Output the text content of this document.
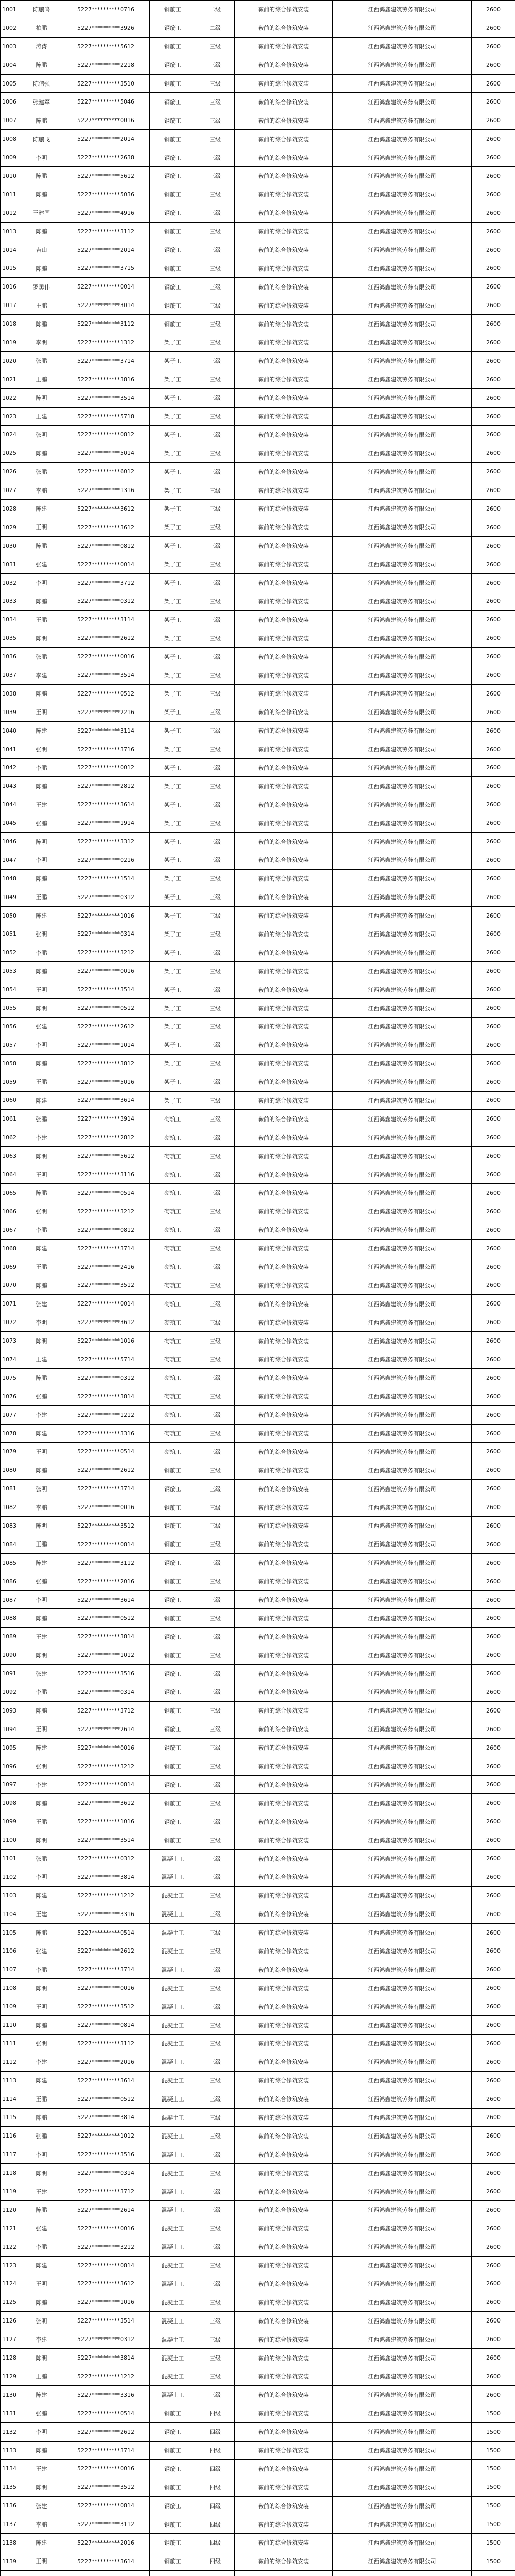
1001	陈鹏鸣	5227**********0716	钢筋工	二级	鞍前的综合修筑安装	江西鸿鑫建筑劳务有限公司	2600
1002	柏鹏	5227**********3926	钢筋工	二级	鞍前的综合修筑安装	江西鸿鑫建筑劳务有限公司	2600
1003	涛涛	5227**********5612	钢筋工	三级	鞍前的综合修筑安装	江西鸿鑫建筑劳务有限公司	2600
1004	陈鹏	5227**********2218	钢筋工	三级	鞍前的综合修筑安装	江西鸿鑫建筑劳务有限公司	2600
1005	陈信强	5227**********3510	钢筋工	三级	鞍前的综合修筑安装	江西鸿鑫建筑劳务有限公司	2600
1006	张建军	5227**********5046	钢筋工	三级	鞍前的综合修筑安装	江西鸿鑫建筑劳务有限公司	2600
1007	陈鹏	5227**********0016	钢筋工	三级	鞍前的综合修筑安装	江西鸿鑫建筑劳务有限公司	2600
1008	陈鹏飞	5227**********2014	钢筋工	三级	鞍前的综合修筑安装	江西鸿鑫建筑劳务有限公司	2600
1009	李明	5227**********2638	钢筋工	三级	鞍前的综合修筑安装	江西鸿鑫建筑劳务有限公司	2600
1010	陈鹏	5227**********5612	钢筋工	三级	鞍前的综合修筑安装	江西鸿鑫建筑劳务有限公司	2600
1011	陈鹏	5227**********5036	钢筋工	三级	鞍前的综合修筑安装	江西鸿鑫建筑劳务有限公司	2600
1012	王建国	5227**********4916	钢筋工	三级	鞍前的综合修筑安装	江西鸿鑫建筑劳务有限公司	2600
1013	陈鹏	5227**********3112	钢筋工	三级	鞍前的综合修筑安装	江西鸿鑫建筑劳务有限公司	2600
1014	吉山	5227**********2014	钢筋工	三级	鞍前的综合修筑安装	江西鸿鑫建筑劳务有限公司	2600
1015	陈鹏	5227**********3715	钢筋工	三级	鞍前的综合修筑安装	江西鸿鑫建筑劳务有限公司	2600
1016	罗勇伟	5227**********0014	钢筋工	三级	鞍前的综合修筑安装	江西鸿鑫建筑劳务有限公司	2600
1017	王鹏	5227**********3014	钢筋工	三级	鞍前的综合修筑安装	江西鸿鑫建筑劳务有限公司	2600
1018	陈鹏	5227**********3112	钢筋工	三级	鞍前的综合修筑安装	江西鸿鑫建筑劳务有限公司	2600
1019	李明	5227**********1312	架子工	三级	鞍前的综合修筑安装	江西鸿鑫建筑劳务有限公司	2600
1020	张鹏	5227**********3714	架子工	三级	鞍前的综合修筑安装	江西鸿鑫建筑劳务有限公司	2600
1021	王鹏	5227**********3816	架子工	三级	鞍前的综合修筑安装	江西鸿鑫建筑劳务有限公司	2600
1022	陈明	5227**********3514	架子工	三级	鞍前的综合修筑安装	江西鸿鑫建筑劳务有限公司	2600
1023	王建	5227**********5718	架子工	三级	鞍前的综合修筑安装	江西鸿鑫建筑劳务有限公司	2600
1024	张明	5227**********0812	架子工	三级	鞍前的综合修筑安装	江西鸿鑫建筑劳务有限公司	2600
1025	陈鹏	5227**********5014	架子工	三级	鞍前的综合修筑安装	江西鸿鑫建筑劳务有限公司	2600
1026	张鹏	5227**********6012	架子工	三级	鞍前的综合修筑安装	江西鸿鑫建筑劳务有限公司	2600
1027	李鹏	5227**********1316	架子工	三级	鞍前的综合修筑安装	江西鸿鑫建筑劳务有限公司	2600
1028	陈建	5227**********3612	架子工	三级	鞍前的综合修筑安装	江西鸿鑫建筑劳务有限公司	2600
1029	王明	5227**********3612	架子工	三级	鞍前的综合修筑安装	江西鸿鑫建筑劳务有限公司	2600
1030	陈鹏	5227**********0812	架子工	三级	鞍前的综合修筑安装	江西鸿鑫建筑劳务有限公司	2600
1031	张建	5227**********0014	架子工	三级	鞍前的综合修筑安装	江西鸿鑫建筑劳务有限公司	2600
1032	李明	5227**********3712	架子工	三级	鞍前的综合修筑安装	江西鸿鑫建筑劳务有限公司	2600
1033	陈鹏	5227**********0312	架子工	三级	鞍前的综合修筑安装	江西鸿鑫建筑劳务有限公司	2600
1034	王鹏	5227**********3114	架子工	三级	鞍前的综合修筑安装	江西鸿鑫建筑劳务有限公司	2600
1035	陈明	5227**********2612	架子工	三级	鞍前的综合修筑安装	江西鸿鑫建筑劳务有限公司	2600
1036	张鹏	5227**********0016	架子工	三级	鞍前的综合修筑安装	江西鸿鑫建筑劳务有限公司	2600
1037	李建	5227**********3514	架子工	三级	鞍前的综合修筑安装	江西鸿鑫建筑劳务有限公司	2600
1038	陈鹏	5227**********0512	架子工	三级	鞍前的综合修筑安装	江西鸿鑫建筑劳务有限公司	2600
1039	王明	5227**********2216	架子工	三级	鞍前的综合修筑安装	江西鸿鑫建筑劳务有限公司	2600
1040	陈建	5227**********3114	架子工	三级	鞍前的综合修筑安装	江西鸿鑫建筑劳务有限公司	2600
1041	张明	5227**********3716	架子工	三级	鞍前的综合修筑安装	江西鸿鑫建筑劳务有限公司	2600
1042	李鹏	5227**********0012	架子工	三级	鞍前的综合修筑安装	江西鸿鑫建筑劳务有限公司	2600
1043	陈鹏	5227**********2812	架子工	三级	鞍前的综合修筑安装	江西鸿鑫建筑劳务有限公司	2600
1044	王建	5227**********3614	架子工	三级	鞍前的综合修筑安装	江西鸿鑫建筑劳务有限公司	2600
1045	张鹏	5227**********1914	架子工	三级	鞍前的综合修筑安装	江西鸿鑫建筑劳务有限公司	2600
1046	陈明	5227**********3312	架子工	三级	鞍前的综合修筑安装	江西鸿鑫建筑劳务有限公司	2600
1047	李明	5227**********0216	架子工	三级	鞍前的综合修筑安装	江西鸿鑫建筑劳务有限公司	2600
1048	陈鹏	5227**********1514	架子工	三级	鞍前的综合修筑安装	江西鸿鑫建筑劳务有限公司	2600
1049	王鹏	5227**********0312	架子工	三级	鞍前的综合修筑安装	江西鸿鑫建筑劳务有限公司	2600
1050	陈建	5227**********1016	架子工	三级	鞍前的综合修筑安装	江西鸿鑫建筑劳务有限公司	2600
1051	张明	5227**********0314	架子工	三级	鞍前的综合修筑安装	江西鸿鑫建筑劳务有限公司	2600
1052	李鹏	5227**********3212	架子工	三级	鞍前的综合修筑安装	江西鸿鑫建筑劳务有限公司	2600
1053	陈鹏	5227**********0016	架子工	三级	鞍前的综合修筑安装	江西鸿鑫建筑劳务有限公司	2600
1054	王明	5227**********3514	架子工	三级	鞍前的综合修筑安装	江西鸿鑫建筑劳务有限公司	2600
1055	陈明	5227**********0512	架子工	三级	鞍前的综合修筑安装	江西鸿鑫建筑劳务有限公司	2600
1056	张建	5227**********2612	架子工	三级	鞍前的综合修筑安装	江西鸿鑫建筑劳务有限公司	2600
1057	李明	5227**********1014	架子工	三级	鞍前的综合修筑安装	江西鸿鑫建筑劳务有限公司	2600
1058	陈鹏	5227**********3812	架子工	三级	鞍前的综合修筑安装	江西鸿鑫建筑劳务有限公司	2600
1059	王鹏	5227**********5016	架子工	三级	鞍前的综合修筑安装	江西鸿鑫建筑劳务有限公司	2600
1060	陈建	5227**********3614	架子工	三级	鞍前的综合修筑安装	江西鸿鑫建筑劳务有限公司	2600
1061	张鹏	5227**********3914	砌筑工	三级	鞍前的综合修筑安装	江西鸿鑫建筑劳务有限公司	2600
1062	李建	5227**********2812	砌筑工	三级	鞍前的综合修筑安装	江西鸿鑫建筑劳务有限公司	2600
1063	陈明	5227**********5612	砌筑工	三级	鞍前的综合修筑安装	江西鸿鑫建筑劳务有限公司	2600
1064	王明	5227**********3116	砌筑工	三级	鞍前的综合修筑安装	江西鸿鑫建筑劳务有限公司	2600
1065	陈鹏	5227**********0514	砌筑工	三级	鞍前的综合修筑安装	江西鸿鑫建筑劳务有限公司	2600
1066	张明	5227**********3212	砌筑工	三级	鞍前的综合修筑安装	江西鸿鑫建筑劳务有限公司	2600
1067	李鹏	5227**********0812	砌筑工	三级	鞍前的综合修筑安装	江西鸿鑫建筑劳务有限公司	2600
1068	陈建	5227**********3714	砌筑工	三级	鞍前的综合修筑安装	江西鸿鑫建筑劳务有限公司	2600
1069	王鹏	5227**********2416	砌筑工	三级	鞍前的综合修筑安装	江西鸿鑫建筑劳务有限公司	2600
1070	陈鹏	5227**********3512	砌筑工	三级	鞍前的综合修筑安装	江西鸿鑫建筑劳务有限公司	2600
1071	张建	5227**********0014	砌筑工	三级	鞍前的综合修筑安装	江西鸿鑫建筑劳务有限公司	2600
1072	李明	5227**********3612	砌筑工	三级	鞍前的综合修筑安装	江西鸿鑫建筑劳务有限公司	2600
1073	陈明	5227**********1016	砌筑工	三级	鞍前的综合修筑安装	江西鸿鑫建筑劳务有限公司	2600
1074	王建	5227**********5714	砌筑工	三级	鞍前的综合修筑安装	江西鸿鑫建筑劳务有限公司	2600
1075	陈鹏	5227**********0312	砌筑工	三级	鞍前的综合修筑安装	江西鸿鑫建筑劳务有限公司	2600
1076	张鹏	5227**********3814	砌筑工	三级	鞍前的综合修筑安装	江西鸿鑫建筑劳务有限公司	2600
1077	李建	5227**********1212	砌筑工	三级	鞍前的综合修筑安装	江西鸿鑫建筑劳务有限公司	2600
1078	陈建	5227**********3316	砌筑工	三级	鞍前的综合修筑安装	江西鸿鑫建筑劳务有限公司	2600
1079	王明	5227**********0514	砌筑工	三级	鞍前的综合修筑安装	江西鸿鑫建筑劳务有限公司	2600
1080	陈鹏	5227**********2612	钢筋工	三级	鞍前的综合修筑安装	江西鸿鑫建筑劳务有限公司	2600
1081	张明	5227**********3714	钢筋工	三级	鞍前的综合修筑安装	江西鸿鑫建筑劳务有限公司	2600
1082	李鹏	5227**********0016	钢筋工	三级	鞍前的综合修筑安装	江西鸿鑫建筑劳务有限公司	2600
1083	陈明	5227**********3512	钢筋工	三级	鞍前的综合修筑安装	江西鸿鑫建筑劳务有限公司	2600
1084	王鹏	5227**********0814	钢筋工	三级	鞍前的综合修筑安装	江西鸿鑫建筑劳务有限公司	2600
1085	陈建	5227**********3112	钢筋工	三级	鞍前的综合修筑安装	江西鸿鑫建筑劳务有限公司	2600
1086	张鹏	5227**********2016	钢筋工	三级	鞍前的综合修筑安装	江西鸿鑫建筑劳务有限公司	2600
1087	李明	5227**********3614	钢筋工	三级	鞍前的综合修筑安装	江西鸿鑫建筑劳务有限公司	2600
1088	陈鹏	5227**********0512	钢筋工	三级	鞍前的综合修筑安装	江西鸿鑫建筑劳务有限公司	2600
1089	王建	5227**********3814	钢筋工	三级	鞍前的综合修筑安装	江西鸿鑫建筑劳务有限公司	2600
1090	陈明	5227**********1012	钢筋工	三级	鞍前的综合修筑安装	江西鸿鑫建筑劳务有限公司	2600
1091	张建	5227**********3516	钢筋工	三级	鞍前的综合修筑安装	江西鸿鑫建筑劳务有限公司	2600
1092	李鹏	5227**********0314	钢筋工	三级	鞍前的综合修筑安装	江西鸿鑫建筑劳务有限公司	2600
1093	陈鹏	5227**********3712	钢筋工	三级	鞍前的综合修筑安装	江西鸿鑫建筑劳务有限公司	2600
1094	王明	5227**********2614	钢筋工	三级	鞍前的综合修筑安装	江西鸿鑫建筑劳务有限公司	2600
1095	陈建	5227**********0016	钢筋工	三级	鞍前的综合修筑安装	江西鸿鑫建筑劳务有限公司	2600
1096	张明	5227**********3212	钢筋工	三级	鞍前的综合修筑安装	江西鸿鑫建筑劳务有限公司	2600
1097	李建	5227**********0814	钢筋工	三级	鞍前的综合修筑安装	江西鸿鑫建筑劳务有限公司	2600
1098	陈鹏	5227**********3612	钢筋工	三级	鞍前的综合修筑安装	江西鸿鑫建筑劳务有限公司	2600
1099	王鹏	5227**********1016	钢筋工	三级	鞍前的综合修筑安装	江西鸿鑫建筑劳务有限公司	2600
1100	陈明	5227**********3514	钢筋工	三级	鞍前的综合修筑安装	江西鸿鑫建筑劳务有限公司	2600
1101	张鹏	5227**********0312	混凝土工	三级	鞍前的综合修筑安装	江西鸿鑫建筑劳务有限公司	2600
1102	李明	5227**********3814	混凝土工	三级	鞍前的综合修筑安装	江西鸿鑫建筑劳务有限公司	2600
1103	陈建	5227**********1212	混凝土工	三级	鞍前的综合修筑安装	江西鸿鑫建筑劳务有限公司	2600
1104	王建	5227**********3316	混凝土工	三级	鞍前的综合修筑安装	江西鸿鑫建筑劳务有限公司	2600
1105	陈鹏	5227**********0514	混凝土工	三级	鞍前的综合修筑安装	江西鸿鑫建筑劳务有限公司	2600
1106	张建	5227**********2612	混凝土工	三级	鞍前的综合修筑安装	江西鸿鑫建筑劳务有限公司	2600
1107	李鹏	5227**********3714	混凝土工	三级	鞍前的综合修筑安装	江西鸿鑫建筑劳务有限公司	2600
1108	陈明	5227**********0016	混凝土工	三级	鞍前的综合修筑安装	江西鸿鑫建筑劳务有限公司	2600
1109	王明	5227**********3512	混凝土工	三级	鞍前的综合修筑安装	江西鸿鑫建筑劳务有限公司	2600
1110	陈鹏	5227**********0814	混凝土工	三级	鞍前的综合修筑安装	江西鸿鑫建筑劳务有限公司	2600
1111	张明	5227**********3112	混凝土工	三级	鞍前的综合修筑安装	江西鸿鑫建筑劳务有限公司	2600
1112	李建	5227**********2016	混凝土工	三级	鞍前的综合修筑安装	江西鸿鑫建筑劳务有限公司	2600
1113	陈建	5227**********3614	混凝土工	三级	鞍前的综合修筑安装	江西鸿鑫建筑劳务有限公司	2600
1114	王鹏	5227**********0512	混凝土工	三级	鞍前的综合修筑安装	江西鸿鑫建筑劳务有限公司	2600
1115	陈鹏	5227**********3814	混凝土工	三级	鞍前的综合修筑安装	江西鸿鑫建筑劳务有限公司	2600
1116	张鹏	5227**********1012	混凝土工	三级	鞍前的综合修筑安装	江西鸿鑫建筑劳务有限公司	2600
1117	李明	5227**********3516	混凝土工	三级	鞍前的综合修筑安装	江西鸿鑫建筑劳务有限公司	2600
1118	陈明	5227**********0314	混凝土工	三级	鞍前的综合修筑安装	江西鸿鑫建筑劳务有限公司	2600
1119	王建	5227**********3712	混凝土工	三级	鞍前的综合修筑安装	江西鸿鑫建筑劳务有限公司	2600
1120	陈鹏	5227**********2614	混凝土工	三级	鞍前的综合修筑安装	江西鸿鑫建筑劳务有限公司	2600
1121	张建	5227**********0016	混凝土工	三级	鞍前的综合修筑安装	江西鸿鑫建筑劳务有限公司	2600
1122	李鹏	5227**********3212	混凝土工	三级	鞍前的综合修筑安装	江西鸿鑫建筑劳务有限公司	2600
1123	陈建	5227**********0814	混凝土工	三级	鞍前的综合修筑安装	江西鸿鑫建筑劳务有限公司	2600
1124	王明	5227**********3612	混凝土工	三级	鞍前的综合修筑安装	江西鸿鑫建筑劳务有限公司	2600
1125	陈鹏	5227**********1016	混凝土工	三级	鞍前的综合修筑安装	江西鸿鑫建筑劳务有限公司	2600
1126	张明	5227**********3514	混凝土工	三级	鞍前的综合修筑安装	江西鸿鑫建筑劳务有限公司	2600
1127	李建	5227**********0312	混凝土工	三级	鞍前的综合修筑安装	江西鸿鑫建筑劳务有限公司	2600
1128	陈明	5227**********3814	混凝土工	三级	鞍前的综合修筑安装	江西鸿鑫建筑劳务有限公司	2600
1129	王鹏	5227**********1212	混凝土工	三级	鞍前的综合修筑安装	江西鸿鑫建筑劳务有限公司	2600
1130	陈建	5227**********3316	混凝土工	三级	鞍前的综合修筑安装	江西鸿鑫建筑劳务有限公司	2600
1131	张鹏	5227**********0514	钢筋工	四级	鞍前的综合修筑安装	江西鸿鑫建筑劳务有限公司	1500
1132	李明	5227**********2612	钢筋工	四级	鞍前的综合修筑安装	江西鸿鑫建筑劳务有限公司	1500
1133	陈鹏	5227**********3714	钢筋工	四级	鞍前的综合修筑安装	江西鸿鑫建筑劳务有限公司	1500
1134	王建	5227**********0016	钢筋工	四级	鞍前的综合修筑安装	江西鸿鑫建筑劳务有限公司	1500
1135	陈明	5227**********3512	钢筋工	四级	鞍前的综合修筑安装	江西鸿鑫建筑劳务有限公司	1500
1136	张建	5227**********0814	钢筋工	四级	鞍前的综合修筑安装	江西鸿鑫建筑劳务有限公司	1500
1137	李鹏	5227**********3112	钢筋工	四级	鞍前的综合修筑安装	江西鸿鑫建筑劳务有限公司	1500
1138	陈建	5227**********2016	钢筋工	四级	鞍前的综合修筑安装	江西鸿鑫建筑劳务有限公司	1500
1139	王明	5227**********3614	钢筋工	四级	鞍前的综合修筑安装	江西鸿鑫建筑劳务有限公司	1500
